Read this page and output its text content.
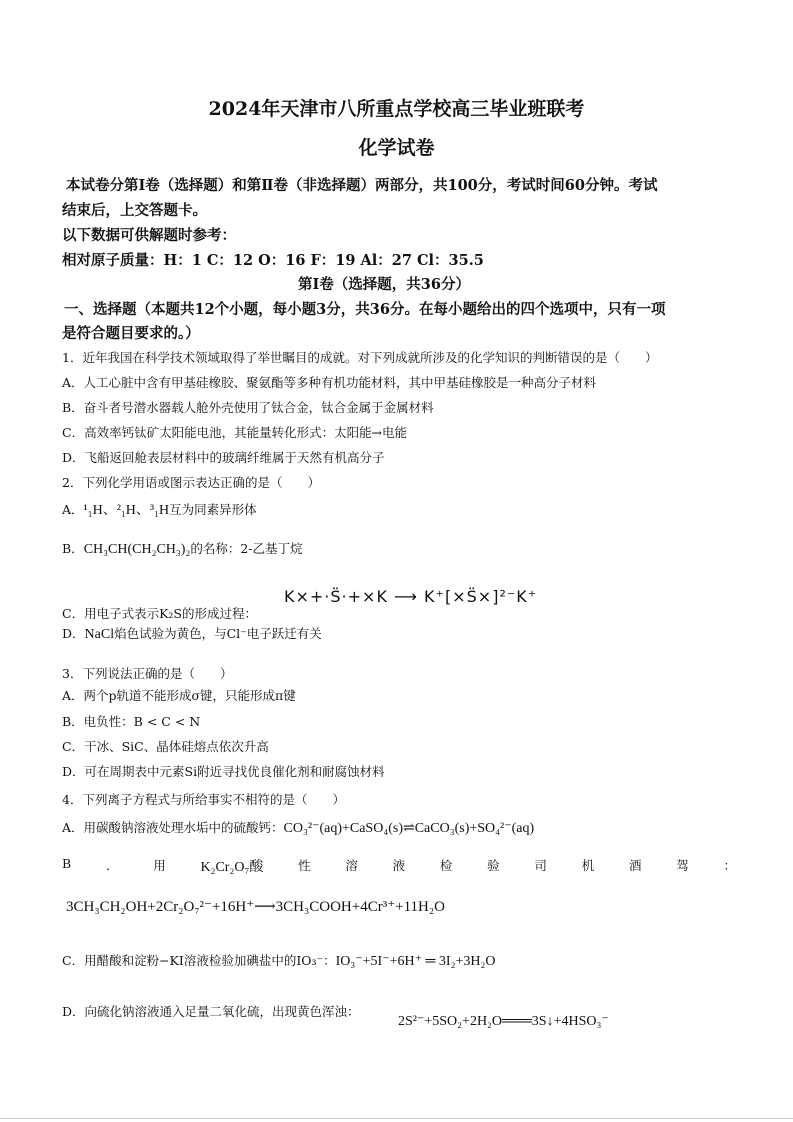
2024年天津市八所重点学校高三毕业班联考
化学试卷
本试卷分第Ⅰ卷（选择题）和第Ⅱ卷（非选择题）两部分，共100分，考试时间60分钟。考试
结束后，上交答题卡。
以下数据可供解题时参考：
相对原子质量：H：1 C：12 O：16 F：19 Al：27 Cl：35.5
第Ⅰ卷（选择题，共36分）
一、选择题（本题共12个小题，每小题3分，共36分。在每小题给出的四个选项中，只有一项
是符合题目要求的。）
1．近年我国在科学技术领域取得了举世瞩目的成就。对下列成就所涉及的化学知识的判断错误的是（　　）
A．人工心脏中含有甲基硅橡胶、聚氨酯等多种有机功能材料，其中甲基硅橡胶是一种高分子材料
B．奋斗者号潜水器载人舱外壳使用了钛合金，钛合金属于金属材料
C．高效率钙钛矿太阳能电池，其能量转化形式：太阳能→电能
D．飞船返回舱表层材料中的玻璃纤维属于天然有机高分子
2．下列化学用语或图示表达正确的是（　　）
A．¹₁H、²₁H、³₁H互为同素异形体
B．CH₃CH(CH₂CH₃)₂的名称：2-乙基丁烷
K×+·S̈·+×K ⟶ K⁺[×S̈×]²⁻K⁺
C．用电子式表示K₂S的形成过程：
D．NaCl焰色试验为黄色，与Cl⁻电子跃迁有关
3．下列说法正确的是（　　）
A．两个p轨道不能形成σ键，只能形成π键
B．电负性：B < C < N
C．干冰、SiC、晶体硅熔点依次升高
D．可在周期表中元素Si附近寻找优良催化剂和耐腐蚀材料
4．下列离子方程式与所给事实不相符的是（　　）
A．用碳酸钠溶液处理水垢中的硫酸钙：CO₃²⁻(aq)+CaSO₄(s)⇌CaCO₃(s)+SO₄²⁻(aq)
B	．	用 K₂Cr₂O₇酸	性	溶	液	检	验	司	机	酒	驾	：
3CH₃CH₂OH+2Cr₂O₇²⁻+16H⁺⟶3CH₃COOH+4Cr³⁺+11H₂O
C．用醋酸和淀粉−KI溶液检验加碘盐中的IO₃⁻：IO₃⁻+5I⁻+6H⁺ ═ 3I₂+3H₂O
D．向硫化钠溶液通入足量二氧化硫，出现黄色浑浊：
2S²⁻+5SO₂+2H₂O═══3S↓+4HSO₃⁻
